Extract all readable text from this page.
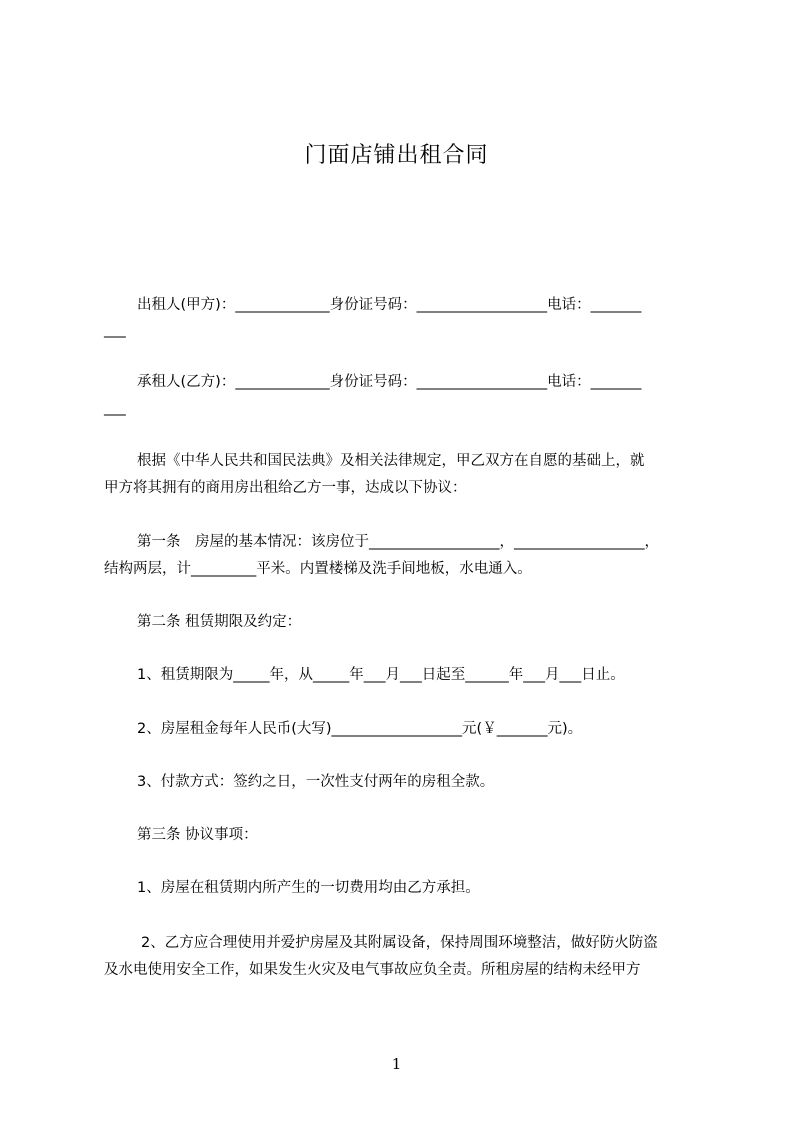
门面店铺出租合同
出租人(甲方)：_____________身份证号码：__________________电话：_______
___
承租人(乙方)：_____________身份证号码：__________________电话：_______
___
根据《中华人民共和国民法典》及相关法律规定，甲乙双方在自愿的基础上，就
甲方将其拥有的商用房出租给乙方一事，达成以下协议：
第一条　房屋的基本情况：该房位于__________________，__________________，
结构两层，计_________平米。内置楼梯及洗手间地板，水电通入。
第二条 租赁期限及约定：
1、租赁期限为_____年，从_____年___月___日起至______年___月___日止。
2、房屋租金每年人民币(大写)__________________元(￥_______元)。
3、付款方式：签约之日，一次性支付两年的房租全款。
第三条 协议事项：
1、房屋在租赁期内所产生的一切费用均由乙方承担。
2、乙方应合理使用并爱护房屋及其附属设备，保持周围环境整洁，做好防火防盗
及水电使用安全工作，如果发生火灾及电气事故应负全责。所租房屋的结构未经甲方
1
